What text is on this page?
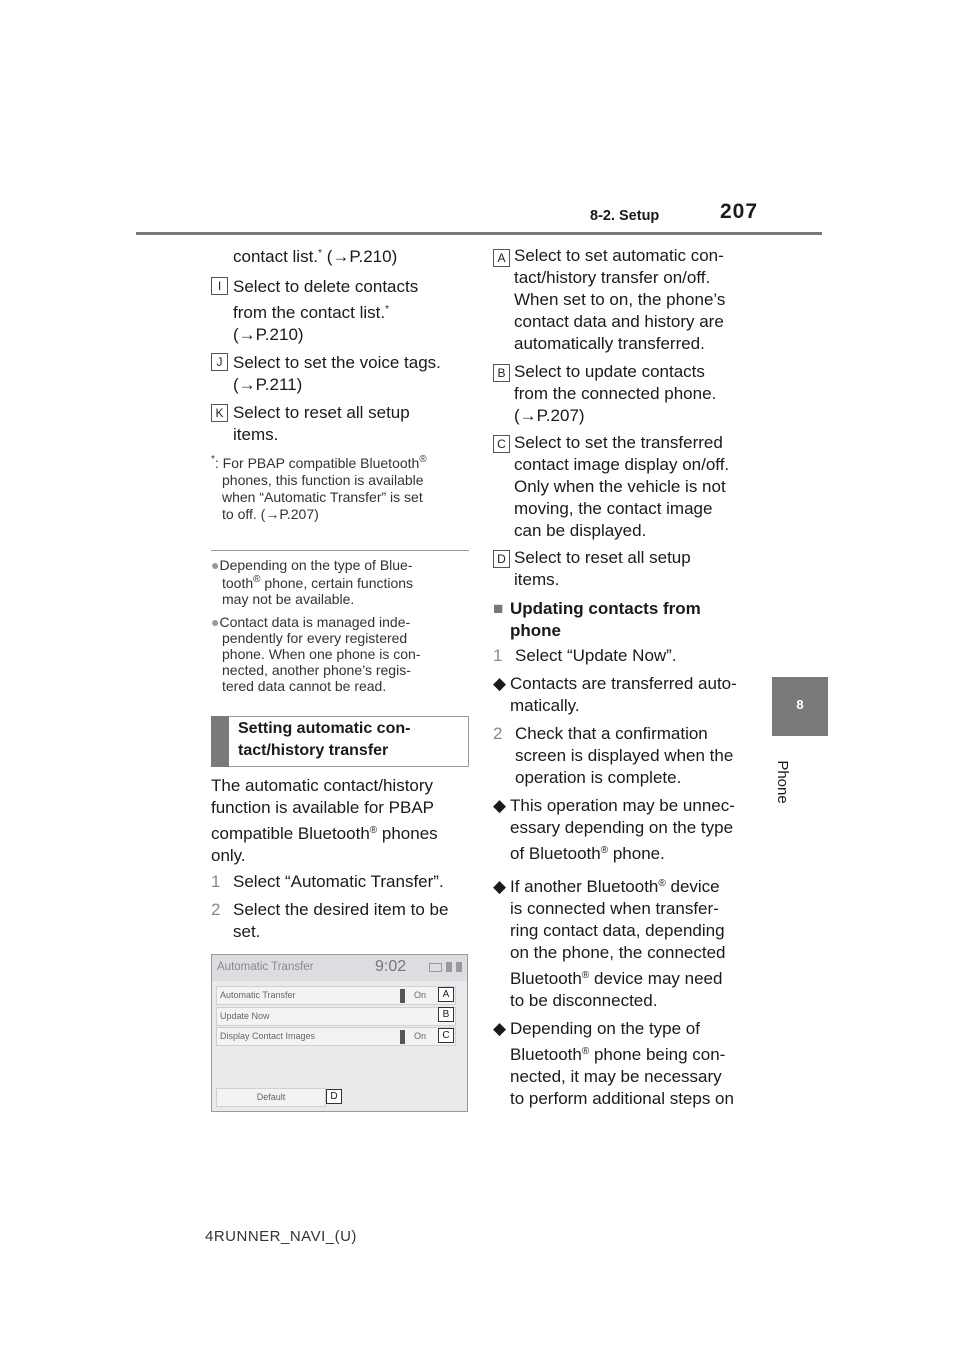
8-2. Setup	207
8
Phone
contact list.* (→P.210)
I Select to delete contacts
from the contact list.*
(→P.210)
J Select to set the voice tags.
(→P.211)
K Select to reset all setup
items.
*: For PBAP compatible Bluetooth®
phones, this function is available
when “Automatic Transfer” is set
to off. (→P.207)
●Depending on the type of Blue-
tooth® phone, certain functions
may not be available.
●Contact data is managed inde-
pendently for every registered
phone. When one phone is con-
nected, another phone’s regis-
tered data cannot be read.
Setting automatic con-
tact/history transfer
The automatic contact/history
function is available for PBAP
compatible Bluetooth® phones
only.
1 Select “Automatic Transfer”.
2 Select the desired item to be
set.
Automatic Transfer	9:02
Automatic Transfer	On	A
Update Now	B
Display Contact Images	On	C
Default	D
A Select to set automatic con-
tact/history transfer on/off.
When set to on, the phone’s
contact data and history are
automatically transferred.
B Select to update contacts
from the connected phone.
(→P.207)
C Select to set the transferred
contact image display on/off.
Only when the vehicle is not
moving, the contact image
can be displayed.
D Select to reset all setup
items.
■ Updating contacts from
phone
1 Select “Update Now”.
◆ Contacts are transferred auto-
matically.
2 Check that a confirmation
screen is displayed when the
operation is complete.
◆ This operation may be unnec-
essary depending on the type
of Bluetooth® phone.
◆ If another Bluetooth® device
is connected when transfer-
ring contact data, depending
on the phone, the connected
Bluetooth® device may need
to be disconnected.
◆ Depending on the type of
Bluetooth® phone being con-
nected, it may be necessary
to perform additional steps on
4RUNNER_NAVI_(U)
